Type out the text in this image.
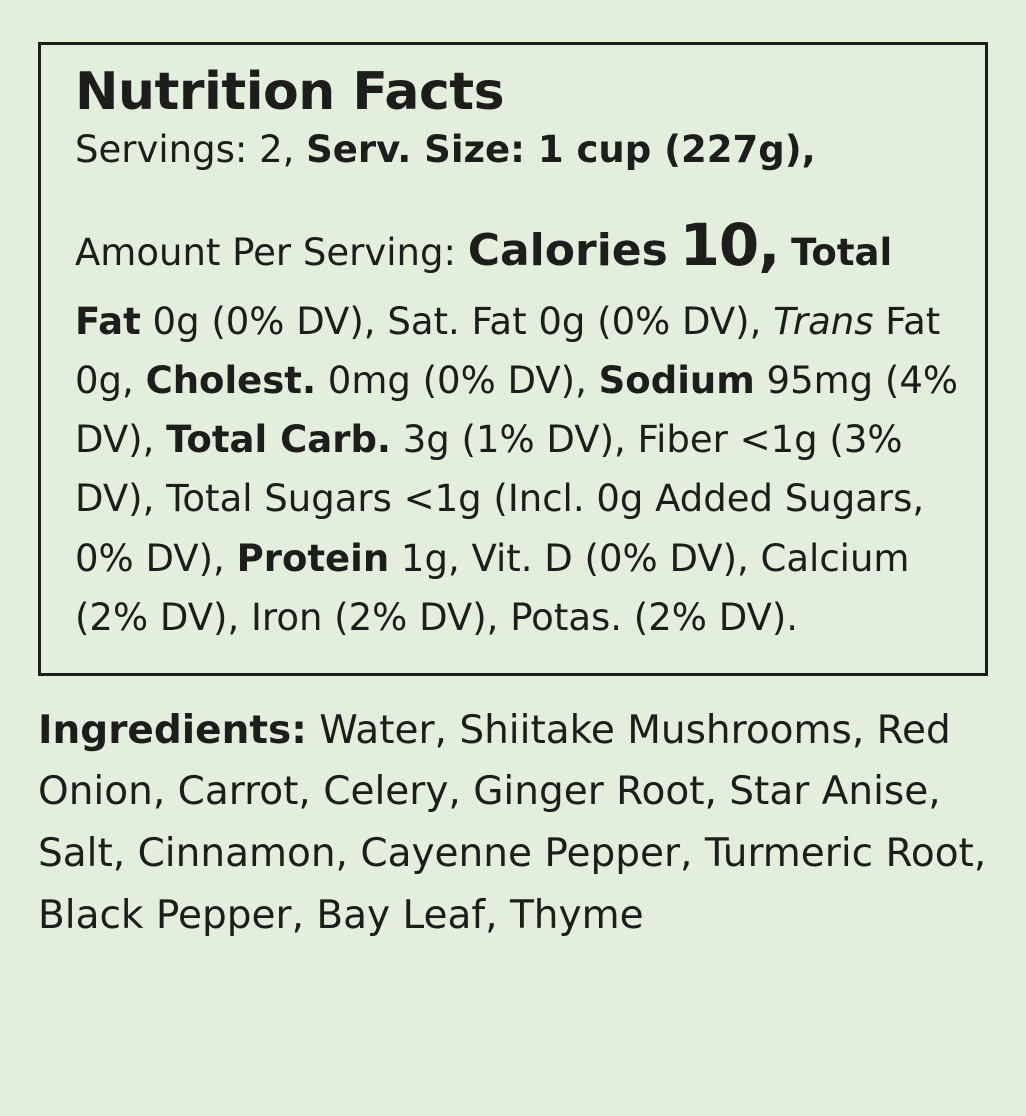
Nutrition Facts

Servings: 2, Serv. Size: 1 cup (227g),

Amount Per Serving: Calories 10, Total Fat 0g (0% DV), Sat. Fat 0g (0% DV), Trans Fat 0g, Cholest. 0mg (0% DV), Sodium 95mg (4% DV), Total Carb. 3g (1% DV), Fiber <1g (3% DV), Total Sugars <1g (Incl. 0g Added Sugars, 0% DV), Protein 1g, Vit. D (0% DV), Calcium (2% DV), Iron (2% DV), Potas. (2% DV).

Ingredients: Water, Shiitake Mushrooms, Red Onion, Carrot, Celery, Ginger Root, Star Anise, Salt, Cinnamon, Cayenne Pepper, Turmeric Root, Black Pepper, Bay Leaf, Thyme
